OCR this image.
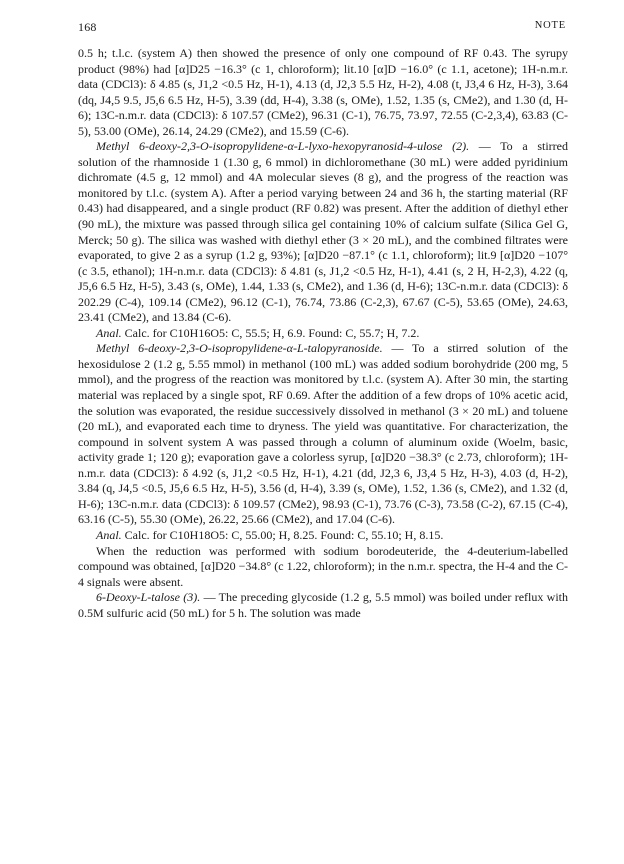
168	NOTE

0.5 h; t.l.c. (system A) then showed the presence of only one compound of RF 0.43. The syrupy product (98%) had [α]D25 −16.3° (c 1, chloroform); lit.10 [α]D −16.0° (c 1.1, acetone); 1H-n.m.r. data (CDCl3): δ 4.85 (s, J1,2 <0.5 Hz, H-1), 4.13 (d, J2,3 5.5 Hz, H-2), 4.08 (t, J3,4 6 Hz, H-3), 3.64 (dq, J4,5 9.5, J5,6 6.5 Hz, H-5), 3.39 (dd, H-4), 3.38 (s, OMe), 1.52, 1.35 (s, CMe2), and 1.30 (d, H-6); 13C-n.m.r. data (CDCl3): δ 107.57 (CMe2), 96.31 (C-1), 76.75, 73.97, 72.55 (C-2,3,4), 63.83 (C-5), 53.00 (OMe), 26.14, 24.29 (CMe2), and 15.59 (C-6).

Methyl 6-deoxy-2,3-O-isopropylidene-α-L-lyxo-hexopyranosid-4-ulose (2). — To a stirred solution of the rhamnoside 1 (1.30 g, 6 mmol) in dichloromethane (30 mL) were added pyridinium dichromate (4.5 g, 12 mmol) and 4A molecular sieves (8 g), and the progress of the reaction was monitored by t.l.c. (system A). After a period varying between 24 and 36 h, the starting material (RF 0.43) had disappeared, and a single product (RF 0.82) was present. After the addition of diethyl ether (90 mL), the mixture was passed through silica gel containing 10% of calcium sulfate (Silica Gel G, Merck; 50 g). The silica was washed with diethyl ether (3 × 20 mL), and the combined filtrates were evaporated, to give 2 as a syrup (1.2 g, 93%); [α]D20 −87.1° (c 1.1, chloroform); lit.9 [α]D20 −107° (c 3.5, ethanol); 1H-n.m.r. data (CDCl3): δ 4.81 (s, J1,2 <0.5 Hz, H-1), 4.41 (s, 2 H, H-2,3), 4.22 (q, J5,6 6.5 Hz, H-5), 3.43 (s, OMe), 1.44, 1.33 (s, CMe2), and 1.36 (d, H-6); 13C-n.m.r. data (CDCl3): δ 202.29 (C-4), 109.14 (CMe2), 96.12 (C-1), 76.74, 73.86 (C-2,3), 67.67 (C-5), 53.65 (OMe), 24.63, 23.41 (CMe2), and 13.84 (C-6).

Anal. Calc. for C10H16O5: C, 55.5; H, 6.9. Found: C, 55.7; H, 7.2.

Methyl 6-deoxy-2,3-O-isopropylidene-α-L-talopyranoside. — To a stirred solution of the hexosidulose 2 (1.2 g, 5.55 mmol) in methanol (100 mL) was added sodium borohydride (200 mg, 5 mmol), and the progress of the reaction was monitored by t.l.c. (system A). After 30 min, the starting material was replaced by a single spot, RF 0.69. After the addition of a few drops of 10% acetic acid, the solution was evaporated, the residue successively dissolved in methanol (3 × 20 mL) and toluene (20 mL), and evaporated each time to dryness. The yield was quantitative. For characterization, the compound in solvent system A was passed through a column of aluminum oxide (Woelm, basic, activity grade 1; 120 g); evaporation gave a colorless syrup, [α]D20 −38.3° (c 2.73, chloroform); 1H-n.m.r. data (CDCl3): δ 4.92 (s, J1,2 <0.5 Hz, H-1), 4.21 (dd, J2,3 6, J3,4 5 Hz, H-3), 4.03 (d, H-2), 3.84 (q, J4,5 <0.5, J5,6 6.5 Hz, H-5), 3.56 (d, H-4), 3.39 (s, OMe), 1.52, 1.36 (s, CMe2), and 1.32 (d, H-6); 13C-n.m.r. data (CDCl3): δ 109.57 (CMe2), 98.93 (C-1), 73.76 (C-3), 73.58 (C-2), 67.15 (C-4), 63.16 (C-5), 55.30 (OMe), 26.22, 25.66 (CMe2), and 17.04 (C-6).

Anal. Calc. for C10H18O5: C, 55.00; H, 8.25. Found: C, 55.10; H, 8.15.

When the reduction was performed with sodium borodeuteride, the 4-deuterium-labelled compound was obtained, [α]D20 −34.8° (c 1.22, chloroform); in the n.m.r. spectra, the H-4 and the C-4 signals were absent.

6-Deoxy-L-talose (3). — The preceding glycoside (1.2 g, 5.5 mmol) was boiled under reflux with 0.5M sulfuric acid (50 mL) for 5 h. The solution was made
